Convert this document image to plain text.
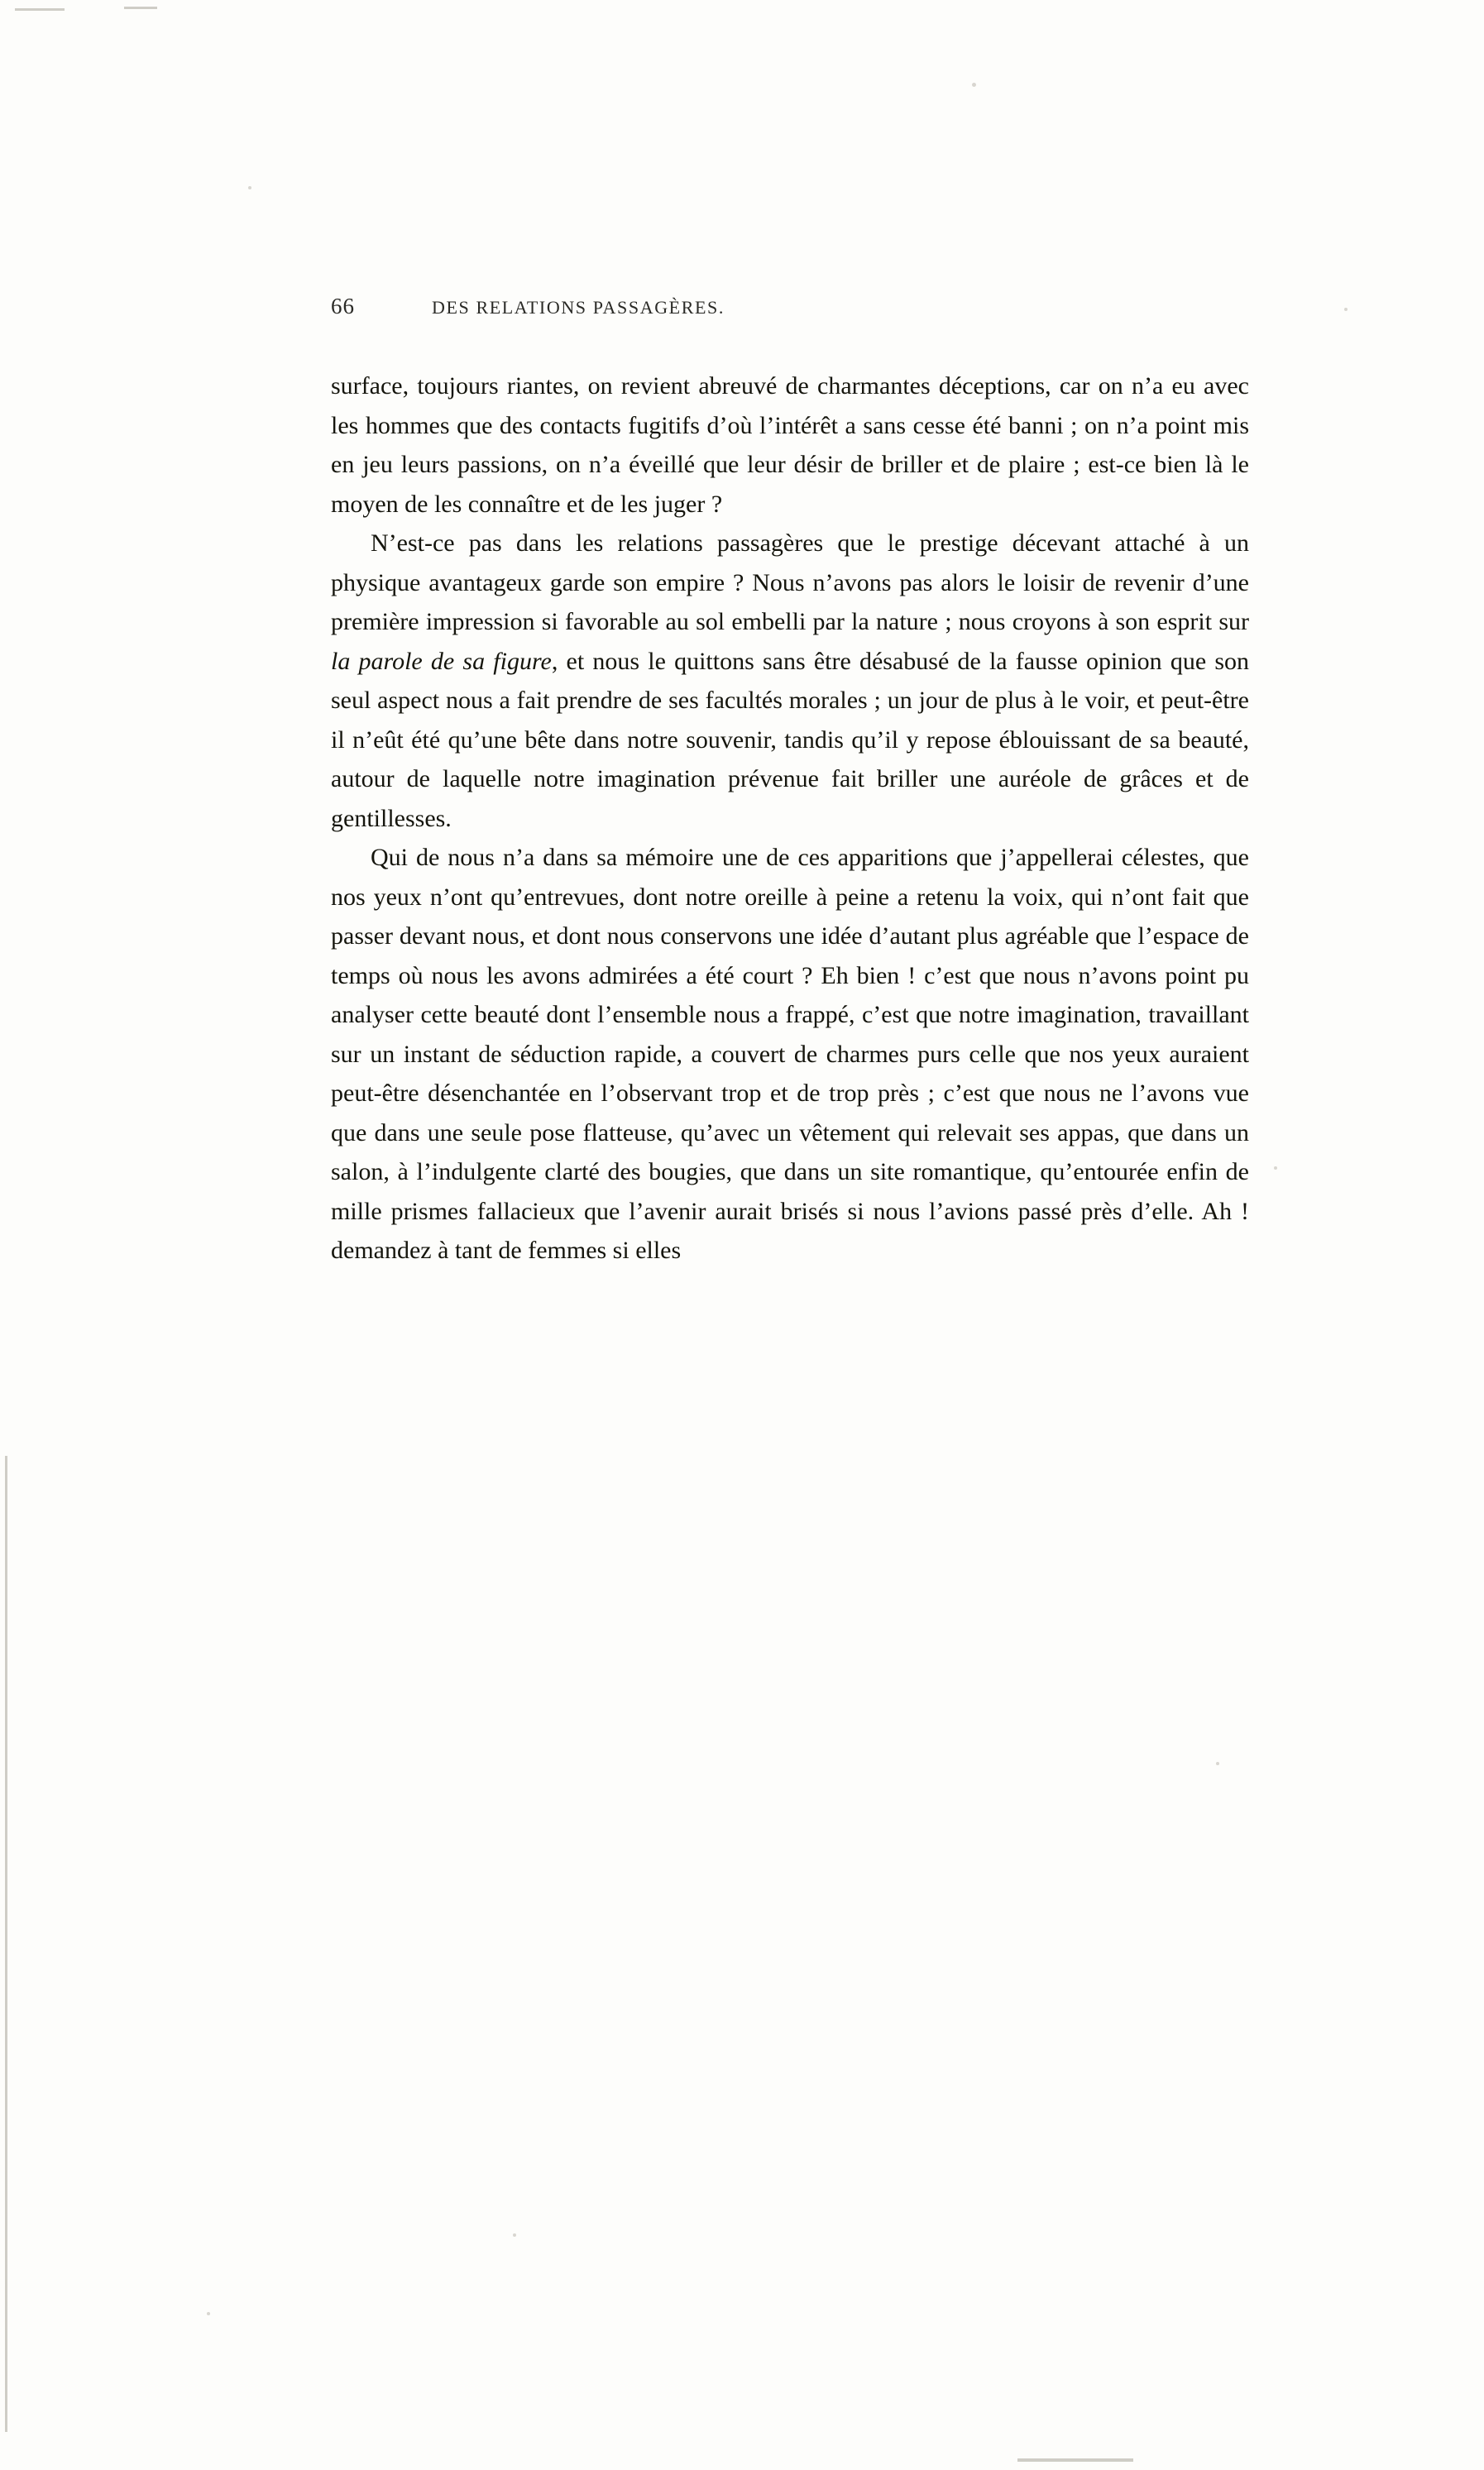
66	DES RELATIONS PASSAGÈRES.

surface, toujours riantes, on revient abreuvé de charmantes déceptions, car on n’a eu avec les hommes que des contacts fugitifs d’où l’intérêt a sans cesse été banni ; on n’a point mis en jeu leurs passions, on n’a éveillé que leur désir de briller et de plaire ; est-ce bien là le moyen de les connaître et de les juger ?

N’est-ce pas dans les relations passagères que le prestige décevant attaché à un physique avantageux garde son empire ? Nous n’avons pas alors le loisir de revenir d’une première impression si favorable au sol embelli par la nature ; nous croyons à son esprit sur la parole de sa figure, et nous le quittons sans être désabusé de la fausse opinion que son seul aspect nous a fait prendre de ses facultés morales ; un jour de plus à le voir, et peut-être il n’eût été qu’une bête dans notre souvenir, tandis qu’il y repose éblouissant de sa beauté, autour de laquelle notre imagination prévenue fait briller une auréole de grâces et de gentillesses.

Qui de nous n’a dans sa mémoire une de ces apparitions que j’appellerai célestes, que nos yeux n’ont qu’entrevues, dont notre oreille à peine a retenu la voix, qui n’ont fait que passer devant nous, et dont nous conservons une idée d’autant plus agréable que l’espace de temps où nous les avons admirées a été court ? Eh bien ! c’est que nous n’avons point pu analyser cette beauté dont l’ensemble nous a frappé, c’est que notre imagination, travaillant sur un instant de séduction rapide, a couvert de charmes purs celle que nos yeux auraient peut-être désenchantée en l’observant trop et de trop près ; c’est que nous ne l’avons vue que dans une seule pose flatteuse, qu’avec un vêtement qui relevait ses appas, que dans un salon, à l’indulgente clarté des bougies, que dans un site romantique, qu’entourée enfin de mille prismes fallacieux que l’avenir aurait brisés si nous l’avions passé près d’elle. Ah ! demandez à tant de femmes si elles
